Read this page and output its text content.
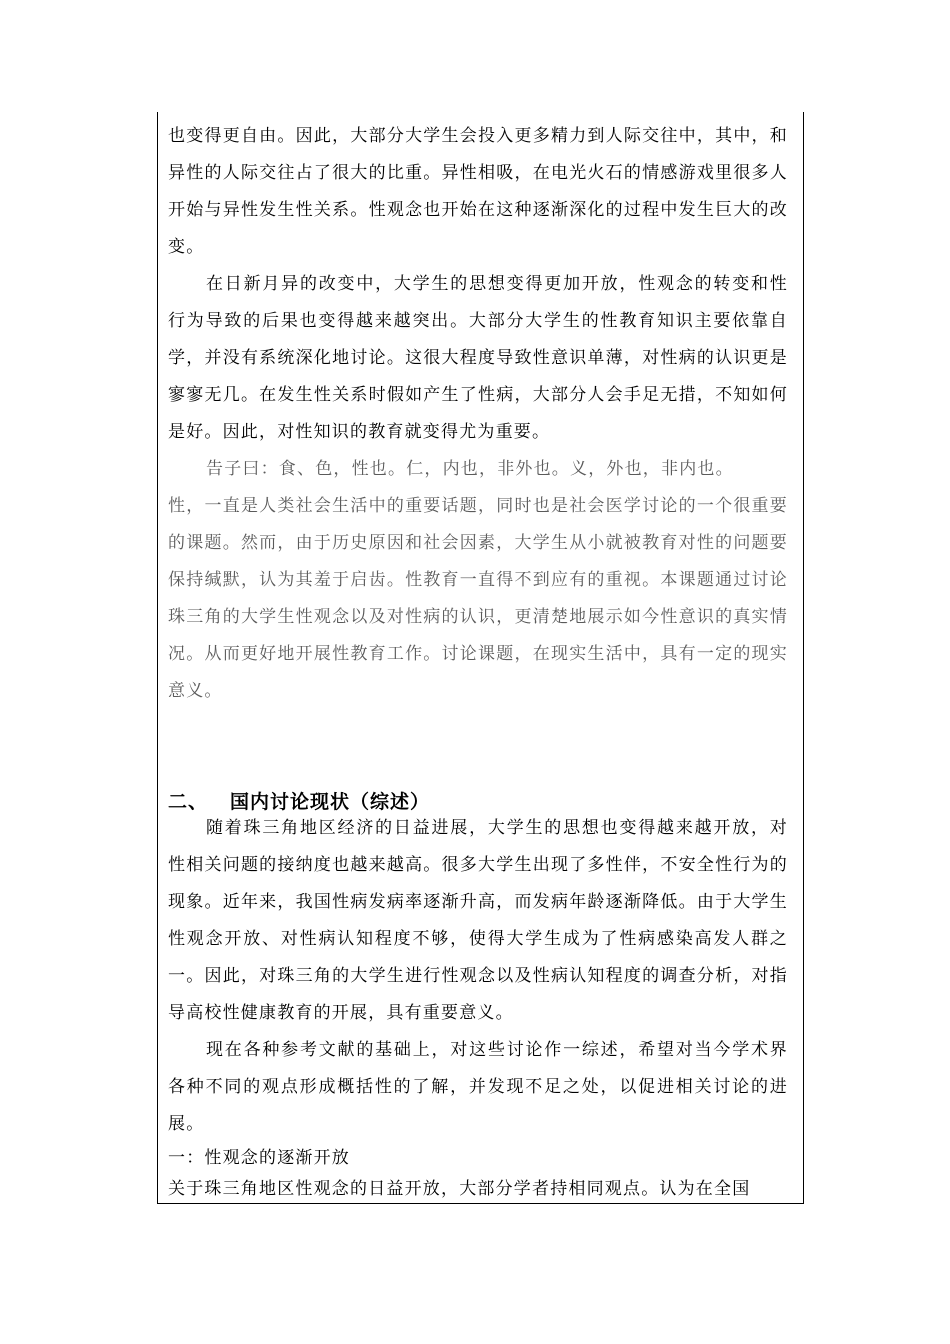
也变得更自由。因此，大部分大学生会投入更多精力到人际交往中，其中，和异性的人际交往占了很大的比重。异性相吸，在电光火石的情感游戏里很多人开始与异性发生性关系。性观念也开始在这种逐渐深化的过程中发生巨大的改变。

在日新月异的改变中，大学生的思想变得更加开放，性观念的转变和性行为导致的后果也变得越来越突出。大部分大学生的性教育知识主要依靠自学，并没有系统深化地讨论。这很大程度导致性意识单薄，对性病的认识更是寥寥无几。在发生性关系时假如产生了性病，大部分人会手足无措，不知如何是好。因此，对性知识的教育就变得尤为重要。

告子曰：食、色，性也。仁，内也，非外也。义，外也，非内也。

性，一直是人类社会生活中的重要话题，同时也是社会医学讨论的一个很重要的课题。然而，由于历史原因和社会因素，大学生从小就被教育对性的问题要保持缄默，认为其羞于启齿。性教育一直得不到应有的重视。本课题通过讨论珠三角的大学生性观念以及对性病的认识，更清楚地展示如今性意识的真实情况。从而更好地开展性教育工作。讨论课题，在现实生活中，具有一定的现实意义。

二、 国内讨论现状（综述）

随着珠三角地区经济的日益进展，大学生的思想也变得越来越开放，对性相关问题的接纳度也越来越高。很多大学生出现了多性伴，不安全性行为的现象。近年来，我国性病发病率逐渐升高，而发病年龄逐渐降低。由于大学生性观念开放、对性病认知程度不够，使得大学生成为了性病感染高发人群之一。因此，对珠三角的大学生进行性观念以及性病认知程度的调查分析，对指导高校性健康教育的开展，具有重要意义。

现在各种参考文献的基础上，对这些讨论作一综述，希望对当今学术界各种不同的观点形成概括性的了解，并发现不足之处，以促进相关讨论的进展。

一：性观念的逐渐开放

关于珠三角地区性观念的日益开放，大部分学者持相同观点。认为在全国
